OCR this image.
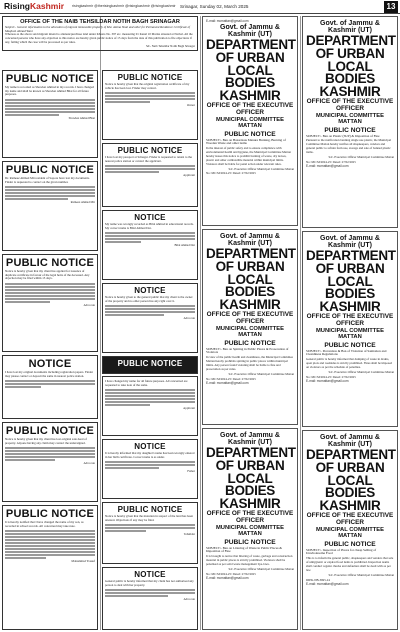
RisingKashmir risingkashmir @therisingkashmir @risingkashmir @risingkashmir Srinagar, Sunday 02, March 2025	13
OFFICE OF THE NAIB TEHSILDAR NOTIH BAGH SRINAGAR
Subject:- General information to the allocation of migrant immovable property of Mst. Amina Shah and other for Permanent Residence Certificate of Maqbool Ahmad Wani
Whereas as the above said migrant intend to alienate/purchase land under Khasra No. 397 etc. measuring 01 Kanal 10 Marlas situated at Narbal. All the concerned persons who have any objection to this notice are hereby given public notice of 15 days from the date of this publication to file objections if any, failing which the case will be processed as per rules.
Sd/- Naib Tehsildar Notih Bagh Srinagar
PUBLIC NOTICE
My name is recorded as Showkat Ahmad in my records. I have changed my name and shall be known as Showkat Ahmad Bhat for all future purposes.
Showkat Ahmad Bhat
PUBLIC NOTICE
Dr. Rameez Ahmad Mir resident of Sopore have lost my documents. Finder is requested to contact on the given number.
Rameez Ahmad Mir
PUBLIC NOTICE
Notice is hereby given that my client has applied for issuance of duplicate certificate in favour of the legal heirs of the deceased. Any objection may be filed within 15 days.
Advocate
NOTICE
I have lost my original documents including registration papers. Finder may please contact or deposit the same in nearest police station.
PUBLIC NOTICE
Notice is hereby given that my client has lost original sale deed of property. Anyone having any claim may contact the undersigned.
Advocate
PUBLIC NOTICE
It is hereby notified that I have changed the name of my son, as recorded in school records. All concerned may take note.
Mohammad Yousuf
PUBLIC NOTICE
Notice is hereby given that the original registration certificate of my vehicle has been lost. Finder may contact.
Owner
PUBLIC NOTICE
I have lost my passport at Srinagar. Finder is requested to return to the nearest police station or contact the applicant.
Applicant
NOTICE
My name was wrongly recorded as Bilal Ahmad in educational records. My correct name is Bilal Ahmad Dar.
Bilal Ahmad Dar
NOTICE
Notice is hereby given to the general public that my client is the owner of the property and no other person has any right over it.
Advocate
PUBLIC NOTICE
I have changed my name for all future purposes. All concerned are requested to take note of the same.
Applicant
NOTICE
It is hereby informed that my daughter's name has been wrongly entered in her birth certificate. Correct name is as under.
Father
PUBLIC NOTICE
Notice is hereby given that the mutation in respect of the land has been attested. Objections if any may be filed.
Tehsildar
NOTICE
General public is hereby informed that my client has not authorised any person to deal with her property.
Advocate
E-mail: mcmattan@gmail.com
Govt. of Jammu & Kashmir (UT)
DEPARTMENT OF URBAN LOCAL BODIES KASHMIR
OFFICE OF THE EXECUTIVE OFFICER
MUNICIPAL COMMITTEE MATTAN
PUBLIC NOTICE
SUBJECT:- Ban on Hazardous Manure Burning, Burning of Wooden Waste and other items
In the interest of public safety and to ensure compliance with environmental health and hygiene, the Municipal Committee Mattan hereby issues this notice to prohibit burning of waste, dry leaves, plastic and other combustible material within municipal limits. Violators shall be liable for penal action under relevant rules.
Sd/- Executive Officer Municipal Committee Mattan
No: MC/M/2024-25/ Dated: 27/02/2025
Govt. of Jammu & Kashmir (UT)
DEPARTMENT OF URBAN LOCAL BODIES KASHMIR
OFFICE OF THE EXECUTIVE OFFICER
MUNICIPAL COMMITTEE MATTAN
PUBLIC NOTICE
SUBJECT:- Ban on Spitting in Public Places & Prosecution of Violators
In view of the public health and cleanliness, the Municipal Committee Mattan hereby prohibits spitting in public places within municipal limits. Any person found violating shall be liable to fine and prosecution as per rules.
Sd/- Executive Officer Municipal Committee Mattan
No: MC/M/2024-25/ Dated: 27/02/2025
E-mail: mcmattan@gmail.com
Govt. of Jammu & Kashmir (UT)
DEPARTMENT OF URBAN LOCAL BODIES KASHMIR
OFFICE OF THE EXECUTIVE OFFICER
MUNICIPAL COMMITTEE MATTAN
PUBLIC NOTICE
SUBJECT:- Ban on Littering of Waste in Public Places & Imposition of Fine
It is brought to notice that littering of waste, garbage and construction material in public places is strictly prohibited. Violators shall be penalised as per solid waste management bye-laws.
Sd/- Executive Officer Municipal Committee Mattan
No: MC/M/2024-25/ Dated: 27/02/2025
E-mail: mcmattan@gmail.com
Govt. of Jammu & Kashmir (UT)
DEPARTMENT OF URBAN LOCAL BODIES KASHMIR
OFFICE OF THE EXECUTIVE OFFICER
MUNICIPAL COMMITTEE MATTAN
PUBLIC NOTICE
SUBJECT:- Ban on Plastic (SUP) & Imposition of Fine
Pursuant to the notification banning single use plastic, the Municipal Committee Mattan hereby notifies all shopkeepers, vendors and general public to refrain from use, storage and sale of banned plastic items.
Sd/- Executive Officer Municipal Committee Mattan
No: MC/M/2024-25/ Dated: 27/02/2025
E-mail: mcmattan@gmail.com
Govt. of Jammu & Kashmir (UT)
DEPARTMENT OF URBAN LOCAL BODIES KASHMIR
OFFICE OF THE EXECUTIVE OFFICER
MUNICIPAL COMMITTEE MATTAN
PUBLIC NOTICE
SUBJECT:- Prevention & Ban of Violation of Sanitation and Cleanliness Regulations
General public is hereby informed that dumping of waste in drains, open plots and roadsides is strictly prohibited. Fines shall be imposed on violators as per the schedule of penalties.
Sd/- Executive Officer Municipal Committee Mattan
No: MC/M/2024-25/ Dated: 27/02/2025
E-mail: mcmattan@gmail.com
Govt. of Jammu & Kashmir (UT)
DEPARTMENT OF URBAN LOCAL BODIES KASHMIR
OFFICE OF THE EXECUTIVE OFFICER
MUNICIPAL COMMITTEE MATTAN
PUBLIC NOTICE
SUBJECT:- Inspection of Places for cheap Selling of Unwholesome Food
This is to inform the general public, shopkeepers and vendors that sale of unhygienic or expired food items is prohibited. Inspection teams shall conduct regular checks and defaulters shall be dealt with as per law.
Sd/- Executive Officer Municipal Committee Mattan
DIPK-NB-3695-24
E-mail: mcmattan@gmail.com
